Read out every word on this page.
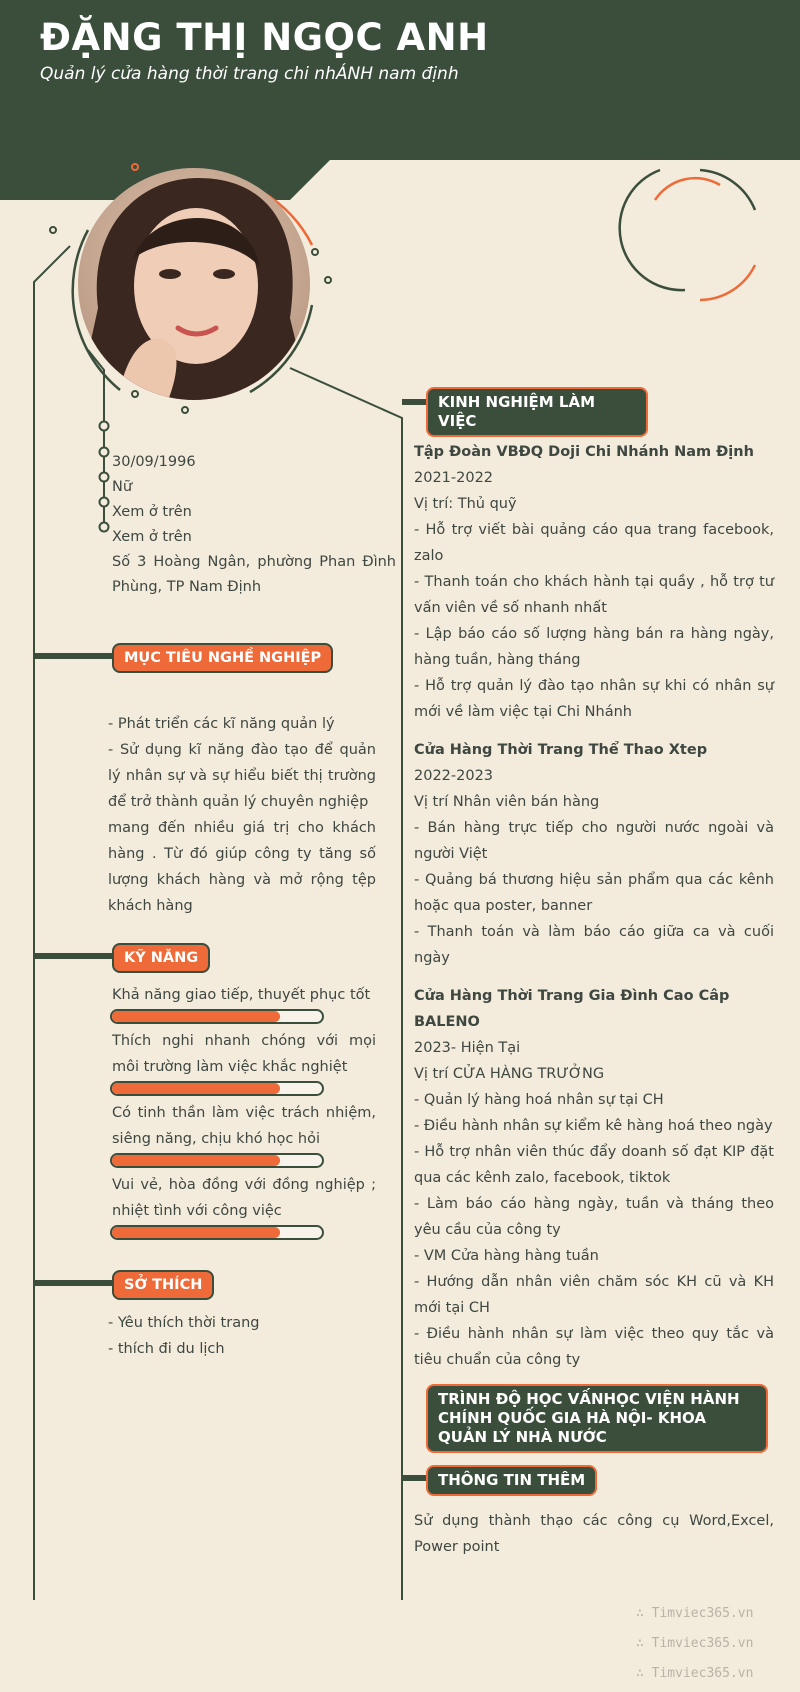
ĐẶNG THỊ NGỌC ANH
Quản lý cửa hàng thời trang chi nhÁNH nam định
30/09/1996
Nữ
Xem ở trên
Xem ở trên
Số 3 Hoàng Ngân, phường Phan Đình Phùng, TP Nam Định
MỤC TIÊU NGHỀ NGHIỆP
- Phát triển các kĩ năng quản lý
- Sử dụng kĩ năng đào tạo để quản lý nhân sự và sự hiểu biết thị trường để trở thành quản lý chuyên nghiệp
mang đến nhiều giá trị cho khách hàng . Từ đó giúp công ty tăng số lượng khách hàng và mở rộng tệp khách hàng
KỸ NĂNG
Khả năng giao tiếp, thuyết phục tốt
Thích nghi nhanh chóng với mọi môi trường làm việc khắc nghiệt
Có tinh thần làm việc trách nhiệm, siêng năng, chịu khó học hỏi
Vui vẻ, hòa đồng với đồng nghiệp ; nhiệt tình với công việc
SỞ THÍCH
- Yêu thích thời trang
- thích đi du lịch
KINH NGHIỆM LÀM VIỆC
Tập Đoàn VBĐQ Doji Chi Nhánh Nam Định
2021-2022
Vị trí: Thủ quỹ
- Hỗ trợ viết bài quảng cáo qua trang facebook, zalo
- Thanh toán cho khách hành tại quầy , hỗ trợ tư vấn viên về số nhanh nhất
- Lập báo cáo số lượng hàng bán ra hàng ngày, hàng tuần, hàng tháng
- Hỗ trợ quản lý đào tạo nhân sự khi có nhân sự mới về làm việc tại Chi Nhánh
Cửa Hàng Thời Trang Thể Thao Xtep
2022-2023
Vị trí Nhân viên bán hàng
- Bán hàng trực tiếp cho người nước ngoài và người Việt
- Quảng bá thương hiệu sản phẩm qua các kênh hoặc qua poster, banner
- Thanh toán và làm báo cáo giữa ca và cuối ngày
Cửa Hàng Thời Trang Gia Đình Cao Câp BALENO
2023- Hiện Tại
Vị trí CỬA HÀNG TRƯỞNG
- Quản lý hàng hoá nhân sự tại CH
- Điều hành nhân sự kiểm kê hàng hoá theo ngày
- Hỗ trợ nhân viên thúc đẩy doanh số đạt KIP đặt qua các kênh zalo, facebook, tiktok
- Làm báo cáo hàng ngày, tuần và tháng theo yêu cầu của công ty
- VM Cửa hàng hàng tuần
- Hướng dẫn nhân viên chăm sóc KH cũ và KH mới tại CH
- Điều hành nhân sự làm việc theo quy tắc và tiêu chuẩn của công ty
TRÌNH ĐỘ HỌC VẤNHỌC VIỆN HÀNH CHÍNH QUỐC GIA HÀ NỘI- KHOA QUẢN LÝ NHÀ NƯỚC
THÔNG TIN THÊM
Sử dụng thành thạo các công cụ Word,Excel, Power point
∴ Timviec365.vn
∴ Timviec365.vn
∴ Timviec365.vn
